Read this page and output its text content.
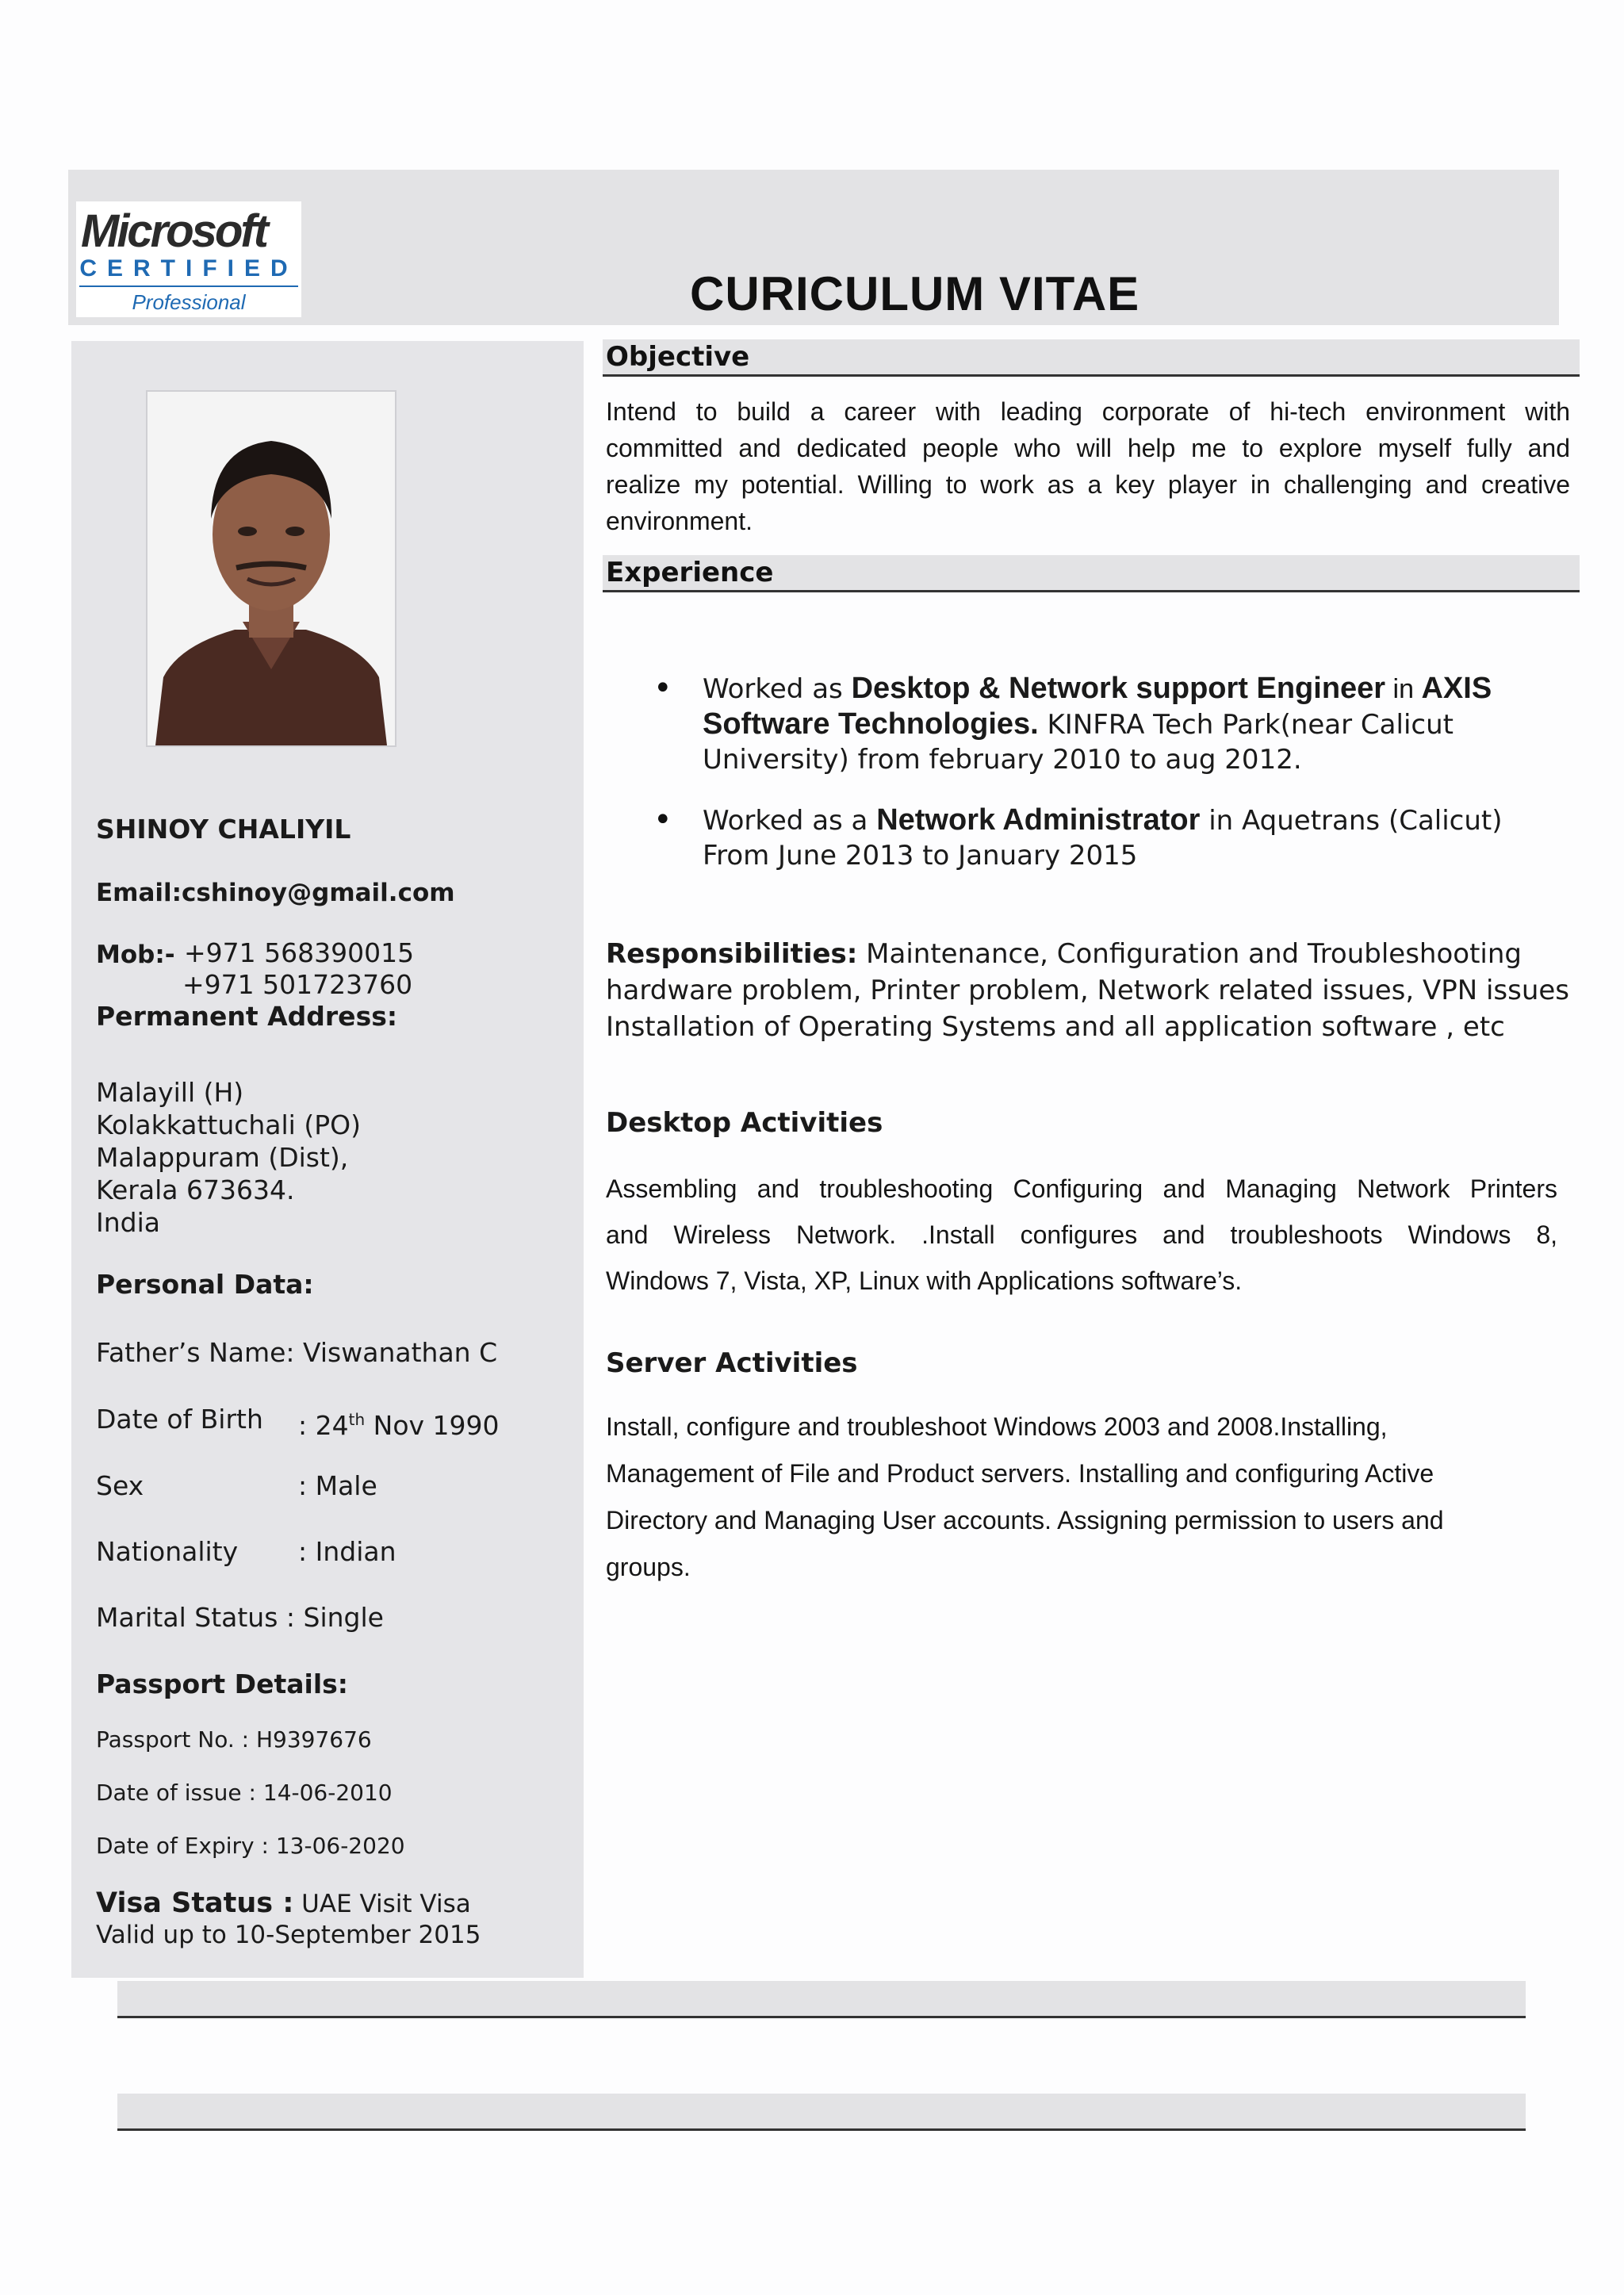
Microsoft
CERTIFIED
Professional	CURICULUM VITAE
SHINOY CHALIYIL
Email:cshinoy@gmail.com
Mob:- +971 568390015
+971 501723760
Permanent Address:
Malayill (H)
Kolakkattuchali (PO)
Malappuram (Dist),
Kerala 673634.
India
Personal Data:
Father’s Name: Viswanathan C
Date of Birth : 24th Nov 1990
Sex	: Male
Nationality : Indian
Marital Status : Single
Passport Details:
Passport No. : H9397676
Date of issue : 14-06-2010
Date of Expiry : 13-06-2020
Visa Status : UAE Visit Visa
Valid up to 10-September 2015
Objective
Intend to build a career with leading corporate of hi-tech environment with
committed and dedicated people who will help me to explore myself fully and
realize my potential. Willing to work as a key player in challenging and creative
environment.
Experience
• Worked as Desktop & Network support Engineer in AXIS
Software Technologies. KINFRA Tech Park(near Calicut
University) from february 2010 to aug 2012.
• Worked as a Network Administrator in Aquetrans (Calicut)
From June 2013 to January 2015
Responsibilities: Maintenance, Configuration and Troubleshooting
hardware problem, Printer problem, Network related issues, VPN issues
Installation of Operating Systems and all application software , etc
Desktop Activities
Assembling and troubleshooting Configuring and Managing Network Printers
and Wireless Network. .Install configures and troubleshoots Windows 8,
Windows 7, Vista, XP, Linux with Applications software’s.
Server Activities
Install, configure and troubleshoot Windows 2003 and 2008.Installing,
Management of File and Product servers. Installing and configuring Active
Directory and Managing User accounts. Assigning permission to users and
groups.
